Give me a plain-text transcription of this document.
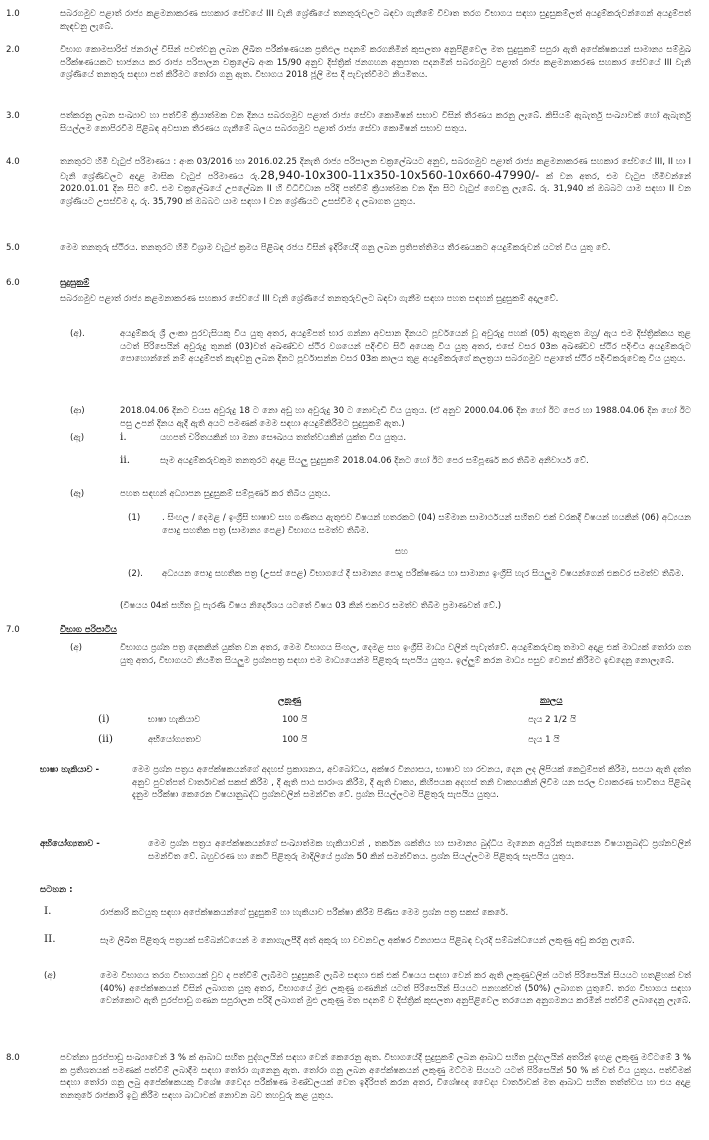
1.0	සබරගමුව පළාත් රාජ්‍ය කළමනාකරණ සහකාර සේවයේ III වැනි ශ්‍රේණියේ තනතුරුවලට බඳවා ගැනීමේ විවෘත තරග විභාගය සඳහා සුදුසුකම්ලත් අයදුම්කරුවන්ගෙන් අයදුම්පත් කැඳවනු ලැබේ.
2.0	විභාග කොමසාරිස් ජනරාල් විසින් පවත්වනු ලබන ලිඛිත පරීක්ෂණයක ප්‍රතිඵල පදනම් කරගනිමින් කුසලතා අනුපිළිවෙල මත සුදුසුකම් සපුරා ඇති අපේක්ෂකයන් සාමාන්‍ය සම්මුඛ පරීක්ෂණයකට භාජනය කර රාජ්‍ය පරිපාලන චක්‍රලේඛ අංක 15/90 අනුව දිස්ත්‍රික් ජනගහන අනුපාත පදනමින් සබරගමුව පළාත් රාජ්‍ය කළමනාකරණ සහකාර සේවයේ III වැනි ශ්‍රේණියේ තනතුරු සඳහා පත් කිරීමට තෝරා ගනු ඇත. විභාගය 2018 ජූලි මස දී පැවැත්වීමට නියමිතය.
3.0	පත්කරනු ලබන සංඛ්‍යාව හා පත්වීම් ක්‍රියාත්මක වන දිනය සබරගමුව පළාත් රාජ්‍ය සේවා කොමිෂන් සභාව විසින් තීරණය කරනු ලැබේ. කිසියම් ඇබැර්තු සංඛ්‍යාවක් හෝ ඇබැර්තු සියල්ලම නොපිරවීම පිළිබඳ අවසාන තීරණය ගැනීමේ බලය සබරගමුව පළාත් රාජ්‍ය සේවා කොමිෂන් සභාව සතුය.
4.0	තනතුරට හිමි වැටුප් පරිමාණය : අංක 03/2016 හා 2016.02.25 දිනැති රාජ්‍ය පරිපාලන චක්‍රලේඛයට අනුව, සබරගමුව පළාත් රාජ්‍ය කළමනාකරණ සහකාර සේවයේ III, II හා I වැනි ශ්‍රේණිවලට අදාළ මාසික වැටුප් පරිමාණය රු.28,940-10x300-11x350-10x560-10x660-47990/- ක් වන අතර, එම වැටුප හිමිවන්නේ 2020.01.01 දින සිට වේ. එම චක්‍රලේඛයේ උපලේඛන II හි විධිවිධාන පරිදි පත්වීම් ක්‍රියාත්මක වන දින සිට වැටුප් ගෙවනු ලැබේ. රු. 31,940 ක් ඔබබට යාම සඳහා II වන ශ්‍රේණියට උසස්වීම ද, රු. 35,790 ක් ඔබබට යාම සඳහා I වන ශ්‍රේණියට උසස්වීම ද ලබාගත යුතුය.
5.0	මෙම තනතුරු ස්ථිරය. තනතුරට හිමි විශ්‍රාම වැටුප් ක්‍රමය පිළිබඳ රජය විසින් ඉදිරියේදී ගනු ලබන ප්‍රතිපත්තිමය තීරණයකට අයදුම්කරුවන් යටත් විය යුතු වේ.
6.0	සුදුසුකම්
සබරගමුව පළාත් රාජ්‍ය කළමනාකරණ සහකාර සේවයේ III වැනි ශ්‍රේණියේ තනතුරුවලට බඳවා ගැනීම සඳහා පහත සඳහන් සුදුසුකම් අදාලවේ.
(අ).	අයදුම්කරු ශ්‍රී ලංකා පුරවැසියකු විය යුතු අතර, අයදුම්පත් භාර ගන්නා අවසාන දිනයට පූර්වයෙන් වූ අවුරුදු පහක් (05) ඇතුළත ඔහු/ ඇය එම දිස්ත්‍රික්කය තුළ යටත් පිරිසෙයින් අවුරුදු තුනක් (03)වත් අඛණ්ඩව ස්ථිර වශයෙන් පදිංචිව සිටි අයෙකු විය යුතු අතර, එසේ වසර 03ක අඛණ්ඩව ස්ථිර පදිංචිය අයදුම්කරුට පොහොන්නේ නම් අයදුම්පත් කැඳවනු ලබන දිනට පූර්වාසන්න වසර 03ක කාලය තුළ අයදුම්කරුගේ කලත්‍රයා සබරගමුව පළාතේ ස්ථිර පදිංචිකරුවෙකු විය යුතුය.
(ආ)	2018.04.06 දිනට වයස අවුරුදු 18 ට නො අඩු හා අවුරුදු 30 ට නොවැඩි විය යුතුය. (ඒ අනුව 2000.04.06 දින හෝ ඊට පෙර හා 1988.04.06 දින හෝ ඊට පසු උපන් දිනය ඇදී ඇති අයට පමණක් මෙම සඳහා අයදුම්කිරීමට සුදුසුකම් ඇත.)
(ඇ)	i.	යහපත් චරිතයකින් හා මනා සෞඛ්‍යය තත්ත්වයකින් යුක්ත විය යුතුය.
ii.	සෑම අයදුම්කරුවකුම තනතුරට අදාළ සියලු සුදුසුකම් 2018.04.06 දිනට හෝ ඊට පෙර සම්පූර්ණ කර තිබීම අනිවාර්ය වේ.
(ඈ)	පහත සඳහන් අධ්‍යාපන සුදුසුකම් සම්පූර්ණ කර තිබිය යුතුය.
(1)	. සිංහල / දෙමළ / ඉංග්‍රීසි භාෂාව සහ ගණිතය ඇතුළුව විෂයන් හතරකට (04) සම්මාන සාමාර්ථයන් සහිතව එක් වරකදී විෂයන් හයකින් (06) අධ්‍යයන පොදු සහතික පත්‍ර (සාමාන්‍ය පෙළ) විභාගය සමත්ව තිබීම.
සහ
(2). අධ්‍යයන පොදු සහතික පත්‍ර (උසස් පෙළ) විභාගයේ දී සාමාන්‍ය පොදු පරීක්ෂණය හා සාමාන්‍ය ඉංග්‍රීසි හැර සියලුම විෂයන්ගෙන් එකවර සමත්ව තිබීම.
(විෂයය 04ක් සහිත වූ පැරණි විෂය නිර්දේශය යටතේ විෂය 03 කින් එකවර සමත්ව තිබීම ප්‍රමාණවත් වේ.)
7.0	විභාග පරිපාටිය
(අ)	විභාගය ප්‍රශ්න පත්‍ර දෙකකින් යුක්ත වන අතර, මෙම විභාගය සිංහල, දෙමළ සහ ඉංග්‍රීසි මාධ්‍ය වලින් පැවැත්වේ. අයදුම්කරුවකු තමාට අදාළ එක් මාධ්‍යක් තෝරා ගත යුතු අතර, විභාගයට නියමිත සියලුම ප්‍රශ්නපත්‍ර සඳහා එම මාධ්‍යයෙන්ම පිළිතුරු සැපයිය යුතුය. ඉල්ලුම් කරන මාධ්‍ය පසුව වෙනස් කිරීමට ඉඩදෙනු නොලැබේ.
ලකුණු	කාලය
(i)	භාෂා හැකියාව	100 යි	පැය 2 1/2 යි
(ii)	අභියෝග්‍යතාව	100 යි	පැය 1 යි
භාෂා හැකියාව -	මෙම ප්‍රශ්න පත්‍රය අපේක්ෂකයන්ගේ අදහස් ප්‍රකාශනය, අවබෝධය, අක්ෂර වින්‍යාසය, භාෂාව හා රචනය, දෙන ලද ලිපියක් කෙටුම්පත් කිරීම, සපයා ඇති දත්ත අනුව පුවත්පත් වාර්තාවක් සකස් කිරීම , දී ඇති පාඨ සාරාංශ කිරීම, දී ඇති වාක්‍ය, කිහිපයක අදහස් තනි වාක්‍යයකින් ලිවීම යන සරල ව්‍යාකරණ භාවිතය පිළිබඳ දැනුම පරීක්ෂා කෙරෙන විෂයානුබද්ධ ප්‍රශ්නවලින් සමන්විත වේ. ප්‍රශ්න සියල්ලටම පිළිතුරු සැපයිය යුතුය.
අභියෝග්‍යතාව -	මෙම ප්‍රශ්න පත්‍රය අපේක්ෂකයන්ගේ සංඛ්‍යාත්මක හැකියාවන් , තර්කන ශක්තිය හා සාමාන්‍ය බුද්ධිය මැනෙන අයුරින් සැකසෙන විෂයානුබද්ධ ප්‍රශ්නවලින් සමන්විත වේ. බහුවරණ හා කෙටි පිළිතුරු මාදිලියේ ප්‍රශ්න 50 කින් සමන්විතය. ප්‍රශ්න සියල්ලටම පිළිතුරු සැපයිය යුතුය.
සටහන :
I.	රාජකාරි කටයුතු සඳහා අපේක්ෂකයන්ගේ සුදුසුකම් හා හැකියාව පරීක්ෂා කිරීම පිණිස මෙම ප්‍රශ්න පත්‍ර සකස් කෙරේ.
II.	සෑම ලිඛිත පිළිතුරු පත්‍රයක් සම්බන්ධයෙන් ම නොගැලපීදී අත් අකුරු හා වචනවල අක්ෂර වින්‍යාසය පිළිබඳ වැරදි සම්බන්ධයෙන් ලකුණු අඩු කරනු ලැබේ.
(අ)	මෙම විභාගය තරග විභාගයක් වුව ද පත්වීම් ලැබීමට සුදුසුකම් ලැබීම සඳහා එක් එක් විෂයය සඳහා වෙන් කර ඇති ලකුණුවලින් යටත් පිරිසෙයින් සියයට හතළිහක් වත් (40%) අපේක්ෂකයන් විසින් ලබාගත යුතු අතර, විභාගයේ මුළු ලකුණු ගණනින් යටත් පිරිසෙයින් සියයට පනහක්වත් (50%) ලබාගත යුතුවේ. තරග විභාගය සඳහා වෙන්කොට ඇති පුරප්පාඩු ගණන සපුරාලන පරිදි ලබාගත් මුළු ලකුණු මත පදනම් ව දිස්ත්‍රික් කුසලතා අනුපිළිවෙල තරයෙන අනුගමනය කරමින් පත්වීම් ලබාදෙනු ලැබේ.
8.0	පවත්නා පුරප්පාඩු සංඛ්‍යාවෙන් 3 % ක් ආබාධ සහිත පුද්ගලයින් සඳහා වෙන් කෙරෙනු ඇත. විභාගයේදී සුදුසුකම් ලබන ආබාධ සහිත පුද්ගලයින් අතරින් ඉහළ ලකුණු මට්ටමේ 3 % ක ප්‍රතිශතයක් පමණක් පත්වීම් ලබාදීම සඳහා තෝරා ගැනෙනු ඇත. තෝරා ගනු ලබන අපේක්ෂකයන් ලකුණු මට්ටම සියයට යටත් පිරිසෙයින් 50 % ක් වත් විය යුතුය. පත්වීමක් සඳහා තෝරා ගනු ලබු අපේක්ෂකයකු විශේෂ වෛද්‍ය පරීක්ෂණ මණ්ඩලයක් වෙත ඉදිරිපත් කරන අතර, විශේෂඥ වෛද්‍ය වාර්තාවක් මත ආබාධ සහිත තත්ත්වය හා එය අදාළ තනතුරේ රාජකාරි ඉටු කිරීම සඳහා බාධාවක් නොවන බව තහවුරු කළ යුතුය.
